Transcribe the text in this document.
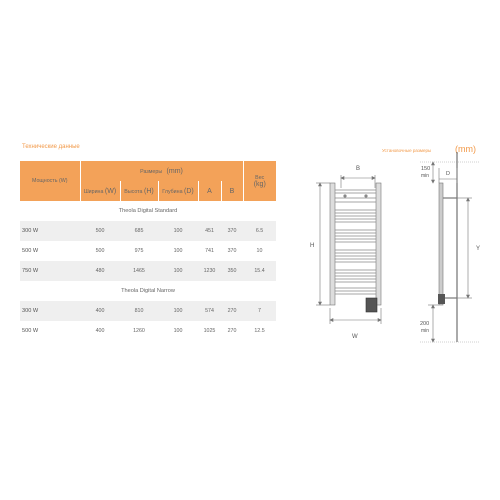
Технические данные
Мощность (W)	Размеры (mm)					Вес
(kg)
	Ширина (W)	Высота (H)	Глубина (D)	A	B	
Theola Digital Standard						
300 W	500	685	100	451	370	6.5
500 W	500	975	100	741	370	10
750 W	480	1465	100	1230	350	15.4
Theola Digital Narrow						
300 W	400	810	100	574	270	7
500 W	400	1260	100	1025	270	12.5
Установочные размеры	(mm)
B
H
W
D
150
min
Y
200
min
